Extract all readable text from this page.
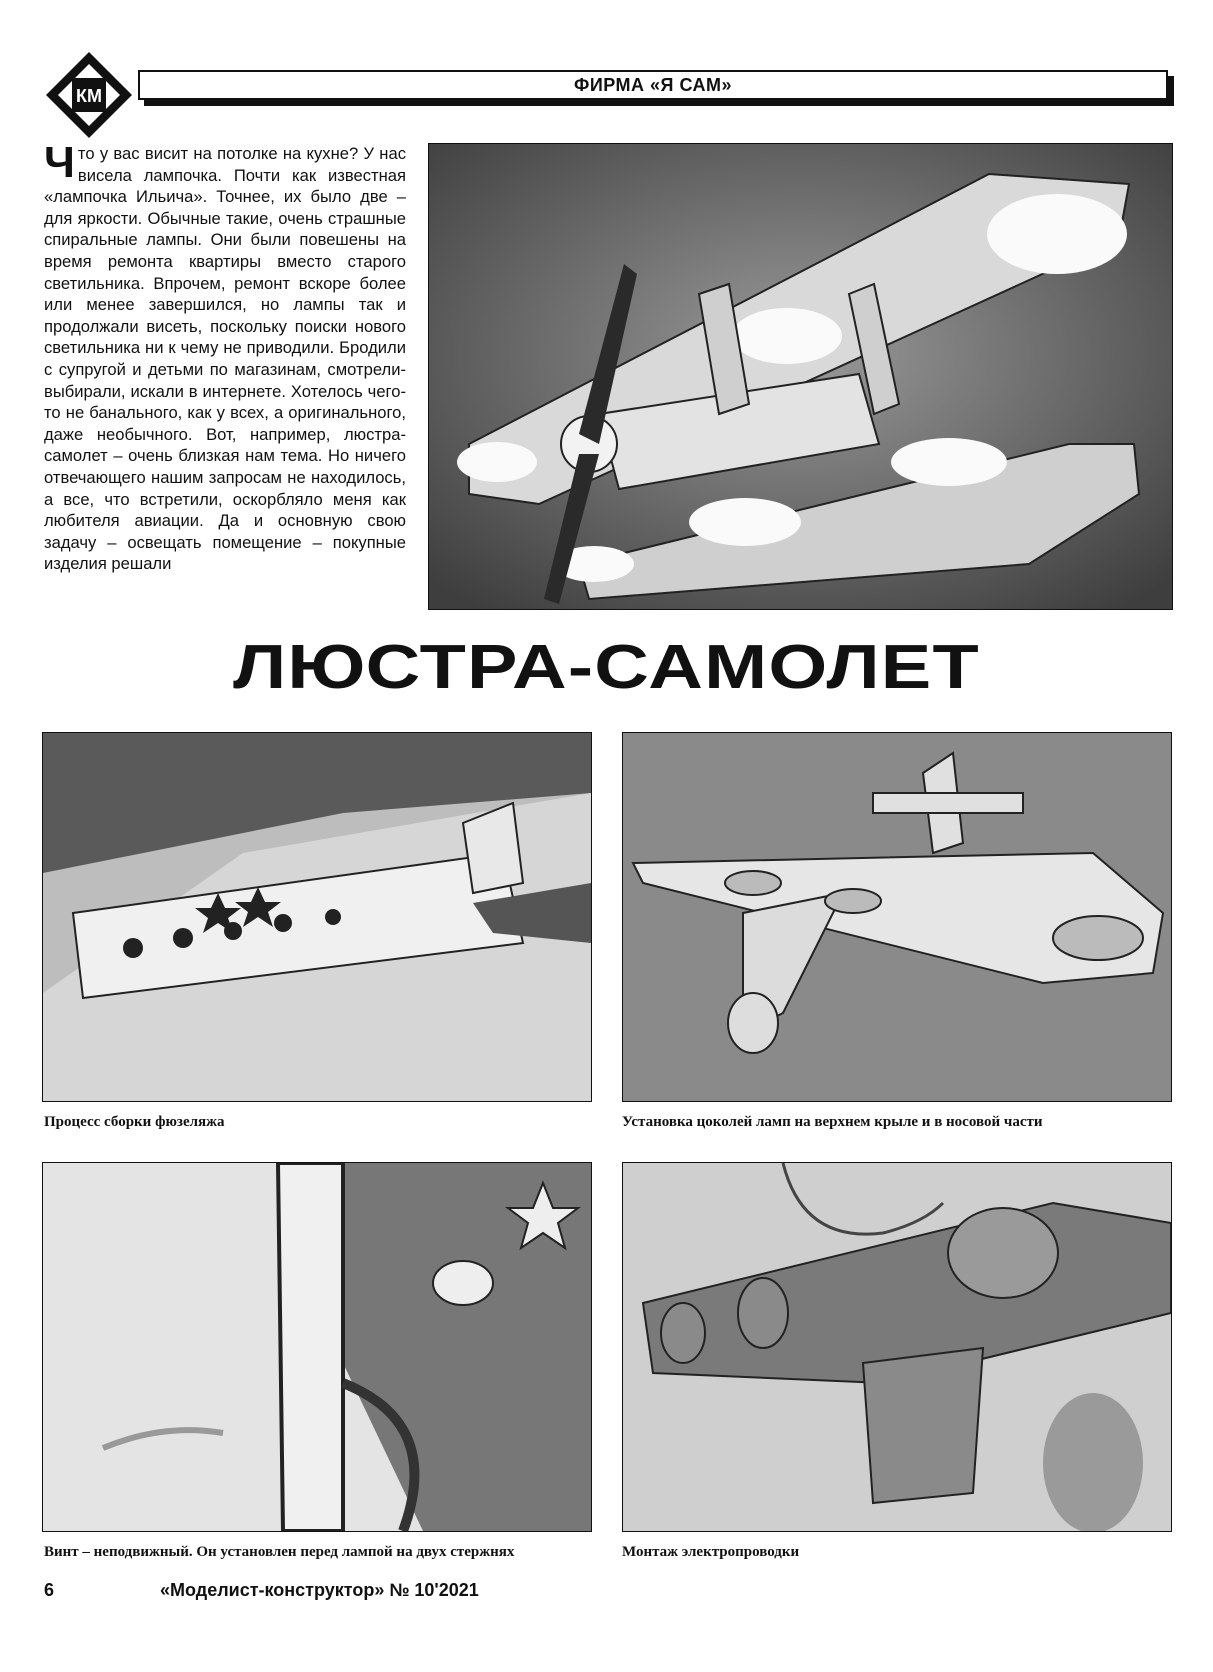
КМ
ФИРМА «Я САМ»
Ч то у вас висит на потолке на кухне? У нас висела лампочка. Почти как известная «лампочка Ильича». Точнее, их было две – для яркости. Обычные такие, очень страшные спиральные лампы. Они были повешены на время ремонта квартиры вместо старого светильника. Впрочем, ремонт вскоре более или менее завершился, но лампы так и продолжали висеть, поскольку поиски нового светильника ни к чему не приводили. Бродили с супругой и детьми по магазинам, смотрели-выбирали, искали в интернете. Хотелось чего-то не банального, как у всех, а оригинального, даже необычного. Вот, например, люстра-самолет – очень близкая нам тема. Но ничего отвечающего нашим запросам не находилось, а все, что встретили, оскорбляло меня как любителя авиации. Да и основную свою задачу – освещать помещение – покупные изделия решали

ЛЮСТРА-САМОЛЕТ
Процесс сборки фюзеляжа	Установка цоколей ламп на верхнем крыле и в носовой части
Винт – неподвижный. Он установлен перед лампой на двух стержнях	Монтаж электропроводки
6	«Моделист-конструктор» № 10'2021
